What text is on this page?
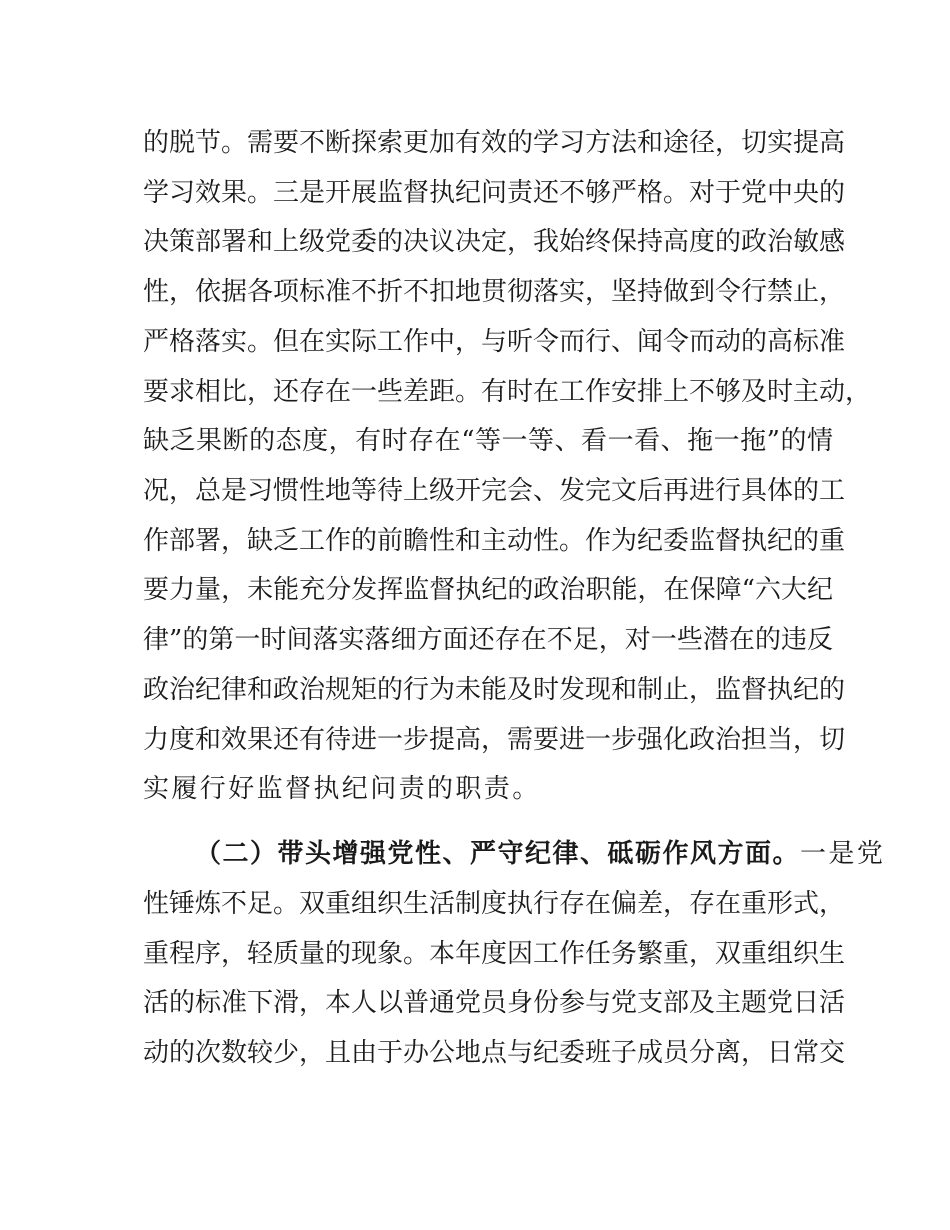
的脱节。需要不断探索更加有效的学习方法和途径，切实提高
学习效果。三是开展监督执纪问责还不够严格。对于党中央的
决策部署和上级党委的决议决定，我始终保持高度的政治敏感
性，依据各项标准不折不扣地贯彻落实，坚持做到令行禁止，
严格落实。但在实际工作中，与听令而行、闻令而动的高标准
要求相比，还存在一些差距。有时在工作安排上不够及时主动，
缺乏果断的态度，有时存在“等一等、看一看、拖一拖”的情
况，总是习惯性地等待上级开完会、发完文后再进行具体的工
作部署，缺乏工作的前瞻性和主动性。作为纪委监督执纪的重
要力量，未能充分发挥监督执纪的政治职能，在保障“六大纪
律”的第一时间落实落细方面还存在不足，对一些潜在的违反
政治纪律和政治规矩的行为未能及时发现和制止，监督执纪的
力度和效果还有待进一步提高，需要进一步强化政治担当，切
实履行好监督执纪问责的职责。
（二）带头增强党性、严守纪律、砥砺作风方面。一是党
性锤炼不足。双重组织生活制度执行存在偏差，存在重形式，
重程序，轻质量的现象。本年度因工作任务繁重，双重组织生
活的标准下滑，本人以普通党员身份参与党支部及主题党日活
动的次数较少，且由于办公地点与纪委班子成员分离，日常交
